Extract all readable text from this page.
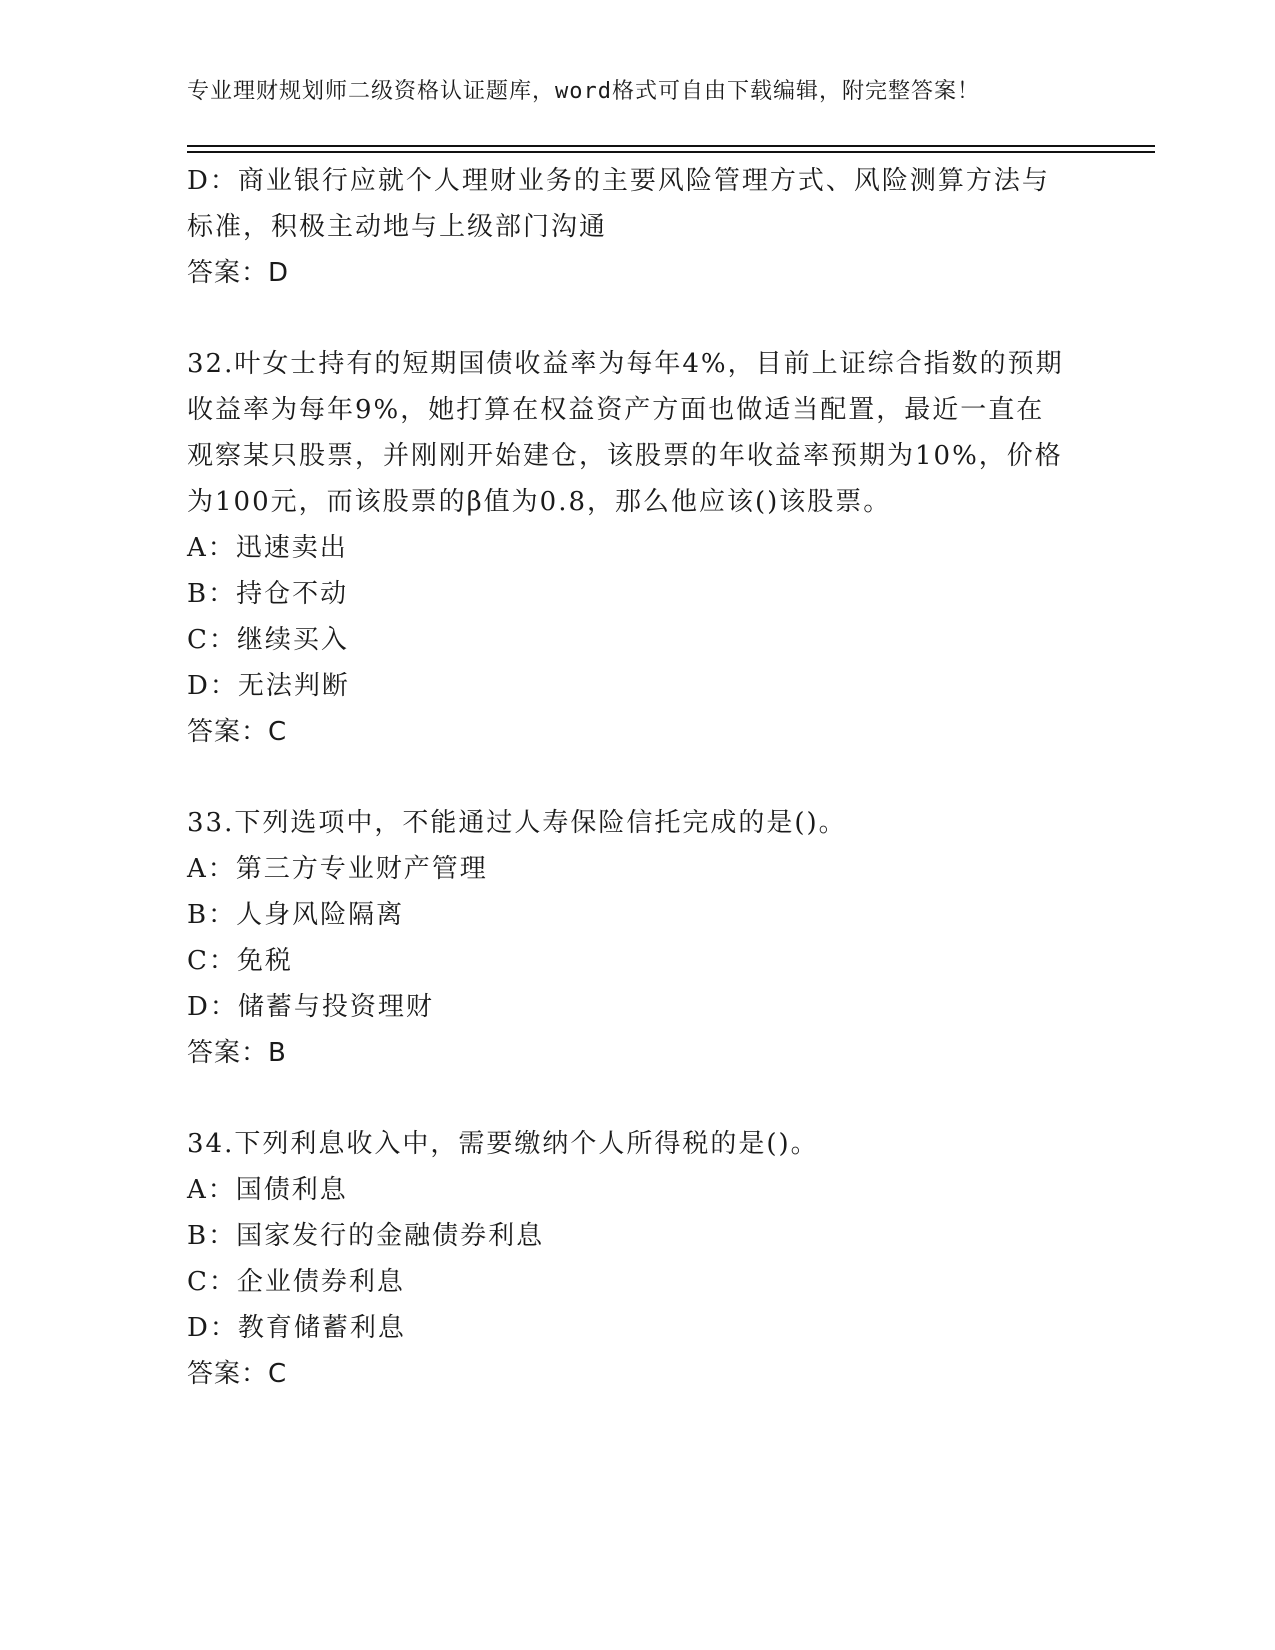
专业理财规划师二级资格认证题库，word格式可自由下载编辑，附完整答案！
D：商业银行应就个人理财业务的主要风险管理方式、风险测算方法与
标准，积极主动地与上级部门沟通
答案：D
32.叶女士持有的短期国债收益率为每年4%，目前上证综合指数的预期
收益率为每年9%，她打算在权益资产方面也做适当配置，最近一直在
观察某只股票，并刚刚开始建仓，该股票的年收益率预期为10%，价格
为100元，而该股票的β值为0.8，那么他应该()该股票。
A：迅速卖出
B：持仓不动
C：继续买入
D：无法判断
答案：C
33.下列选项中，不能通过人寿保险信托完成的是()。
A：第三方专业财产管理
B：人身风险隔离
C：免税
D：储蓄与投资理财
答案：B
34.下列利息收入中，需要缴纳个人所得税的是()。
A：国债利息
B：国家发行的金融债券利息
C：企业债券利息
D：教育储蓄利息
答案：C
